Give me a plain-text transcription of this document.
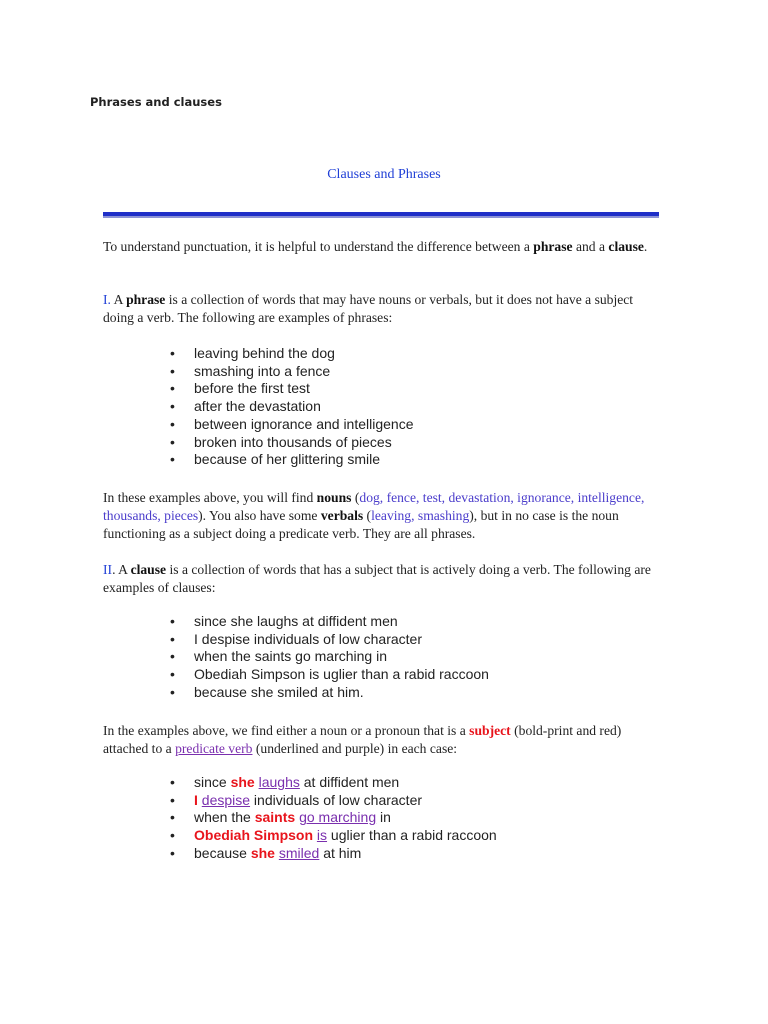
Phrases and clauses
Clauses and Phrases
To understand punctuation, it is helpful to understand the difference between a phrase and a clause.
I. A phrase is a collection of words that may have nouns or verbals, but it does not have a subject doing a verb. The following are examples of phrases:
• leaving behind the dog
• smashing into a fence
• before the first test
• after the devastation
• between ignorance and intelligence
• broken into thousands of pieces
• because of her glittering smile
In these examples above, you will find nouns (dog, fence, test, devastation, ignorance, intelligence, thousands, pieces). You also have some verbals (leaving, smashing), but in no case is the noun functioning as a subject doing a predicate verb. They are all phrases.
II. A clause is a collection of words that has a subject that is actively doing a verb. The following are examples of clauses:
• since she laughs at diffident men
• I despise individuals of low character
• when the saints go marching in
• Obediah Simpson is uglier than a rabid raccoon
• because she smiled at him.
In the examples above, we find either a noun or a pronoun that is a subject (bold-print and red) attached to a predicate verb (underlined and purple) in each case:
• since she laughs at diffident men
• I despise individuals of low character
• when the saints go marching in
• Obediah Simpson is uglier than a rabid raccoon
• because she smiled at him
